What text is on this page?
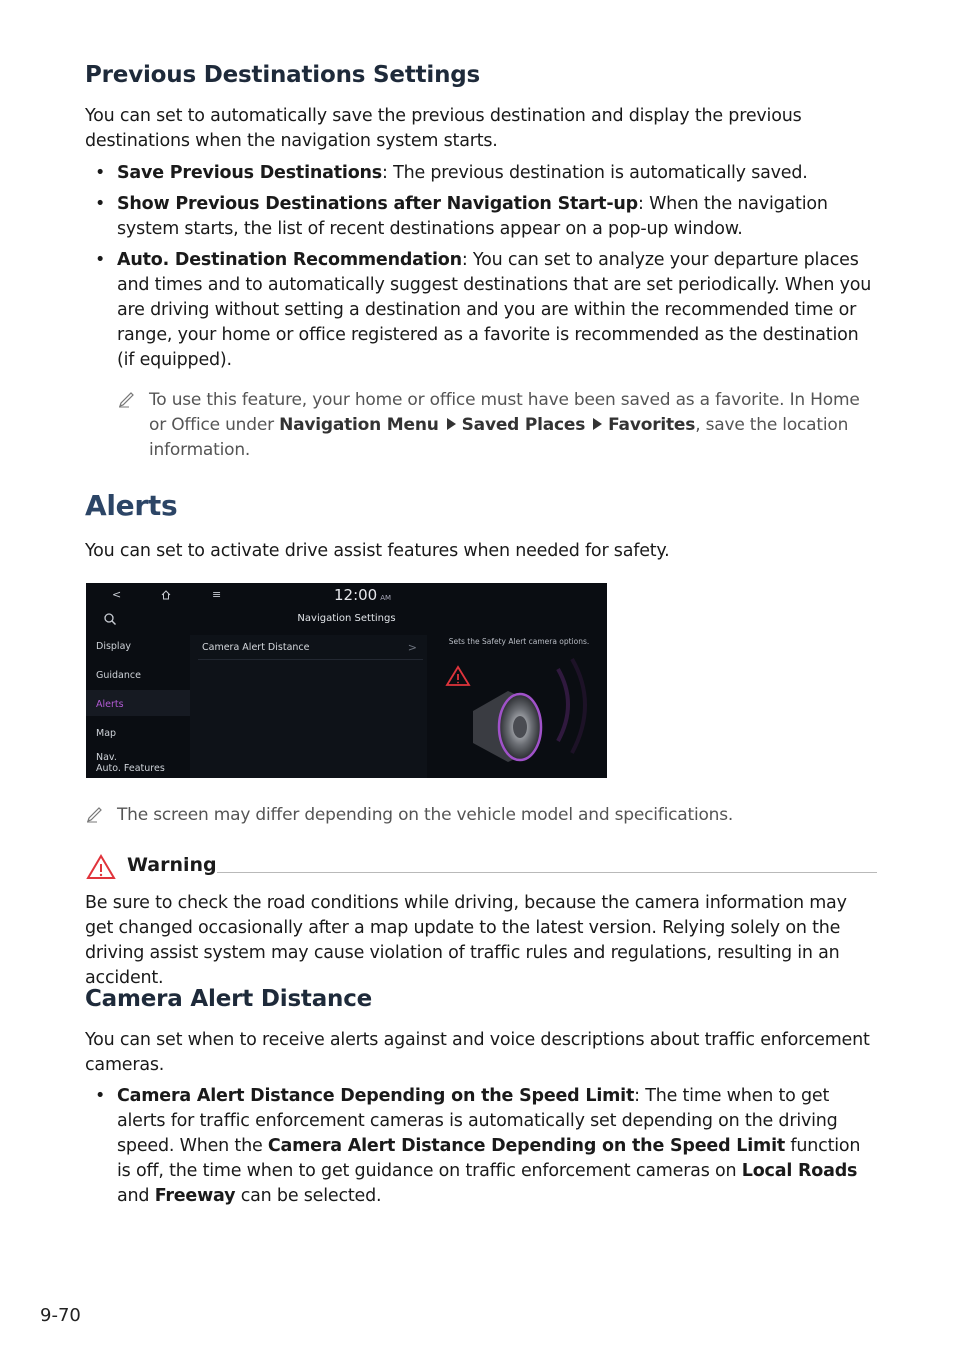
Previous Destinations Settings

You can set to automatically save the previous destination and display the previous destinations when the navigation system starts.

• Save Previous Destinations: The previous destination is automatically saved.
• Show Previous Destinations after Navigation Start-up: When the navigation system starts, the list of recent destinations appear on a pop-up window.
• Auto. Destination Recommendation: You can set to analyze your departure places and times and to automatically suggest destinations that are set periodically. When you are driving without setting a destination and you are within the recommended time or range, your home or office registered as a favorite is recommended as the destination (if equipped).
To use this feature, your home or office must have been saved as a favorite. In Home or Office under Navigation Menu Saved Places Favorites, save the location information.
Alerts

You can set to activate drive assist features when needed for safety.

<	≡	12:00 AM
Navigation Settings
Display
Guidance
Alerts
Map
Nav.
Auto. Features
Camera Alert Distance	>	Sets the Safety Alert camera options.
The screen may differ depending on the vehicle model and specifications.
Warning

Be sure to check the road conditions while driving, because the camera information may get changed occasionally after a map update to the latest version. Relying solely on the driving assist system may cause violation of traffic rules and regulations, resulting in an accident.

Camera Alert Distance

You can set when to receive alerts against and voice descriptions about traffic enforcement cameras.

• Camera Alert Distance Depending on the Speed Limit: The time when to get alerts for traffic enforcement cameras is automatically set depending on the driving speed. When the Camera Alert Distance Depending on the Speed Limit function is off, the time when to get guidance on traffic enforcement cameras on Local Roads and Freeway can be selected.
9-70
